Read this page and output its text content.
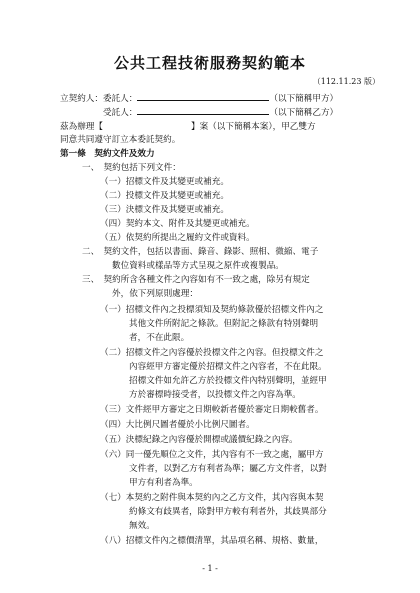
公共工程技術服務契約範本
（112.11.23 版）
立契約人：委託人：	（以下簡稱甲方）
受託人：	（以下簡稱乙方）
茲為辦理【	】案（以下簡稱本案），甲乙雙方
同意共同遵守訂立本委託契約。
第一條　契約文件及效力
一、　契約包括下列文件：
（一）招標文件及其變更或補充。
（二）投標文件及其變更或補充。
（三）決標文件及其變更或補充。
（四）契約本文、附件及其變更或補充。
（五）依契約所提出之履約文件或資料。
二、　契約文件，包括以書面、錄音、錄影、照相、微縮、電子
數位資料或樣品等方式呈現之原件或複製品。
三、　契約所含各種文件之內容如有不一致之處，除另有規定
外，依下列原則處理：
（一）招標文件內之投標須知及契約條款優於招標文件內之
其他文件所附記之條款。但附記之條款有特別聲明
者，不在此限。
（二）招標文件之內容優於投標文件之內容。但投標文件之
內容經甲方審定優於招標文件之內容者，不在此限。
招標文件如允許乙方於投標文件內特別聲明，並經甲
方於審標時接受者，以投標文件之內容為準。
（三）文件經甲方審定之日期較新者優於審定日期較舊者。
（四）大比例尺圖者優於小比例尺圖者。
（五）決標紀錄之內容優於開標或議價紀錄之內容。
（六）同一優先順位之文件，其內容有不一致之處，屬甲方
文件者，以對乙方有利者為準；屬乙方文件者，以對
甲方有利者為準。
（七）本契約之附件與本契約內之乙方文件，其內容與本契
約條文有歧異者，除對甲方較有利者外，其歧異部分
無效。
（八）招標文件內之標價清單，其品項名稱、規格、數量，
- 1 -
